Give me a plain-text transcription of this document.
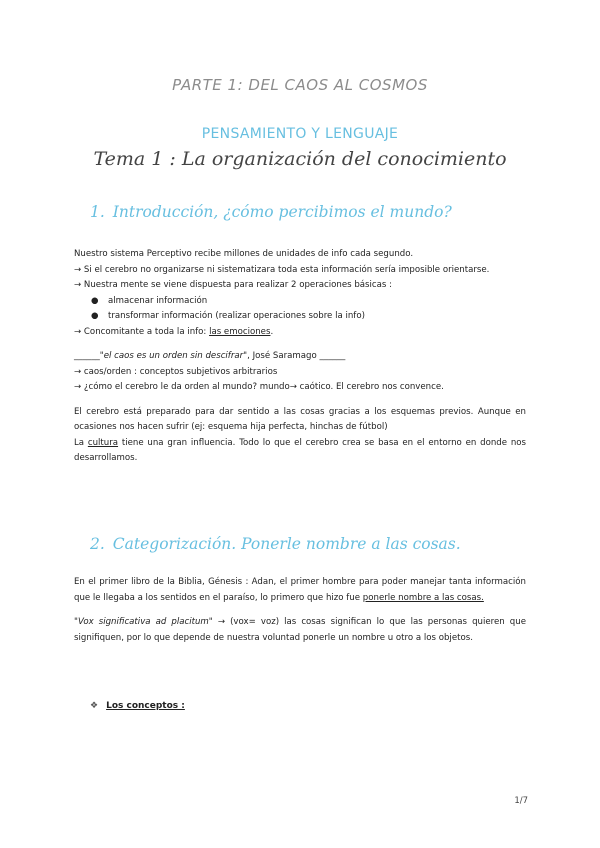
PARTE 1: DEL CAOS AL COSMOS
PENSAMIENTO Y LENGUAJE
Tema 1 : La organización del conocimiento
1. Introducción, ¿cómo percibimos el mundo?

Nuestro sistema Perceptivo recibe millones de unidades de info cada segundo.

→ Si el cerebro no organizarse ni sistematizara toda esta información sería imposible orientarse.

→ Nuestra mente se viene dispuesta para realizar 2 operaciones básicas :

● almacenar información

● transformar información (realizar operaciones sobre la info)

→ Concomitante a toda la info: las emociones.

______"el caos es un orden sin descifrar", José Saramago ______

→ caos/orden : conceptos subjetivos arbitrarios

→ ¿cómo el cerebro le da orden al mundo? mundo→ caótico. El cerebro nos convence.

El cerebro está preparado para dar sentido a las cosas gracias a los esquemas previos. Aunque en ocasiones nos hacen sufrir (ej: esquema hija perfecta, hinchas de fútbol)

La cultura tiene una gran influencia. Todo lo que el cerebro crea se basa en el entorno en donde nos desarrollamos.

2. Categorización. Ponerle nombre a las cosas.

En el primer libro de la Biblia, Génesis : Adan, el primer hombre para poder manejar tanta información que le llegaba a los sentidos en el paraíso, lo primero que hizo fue ponerle nombre a las cosas.

"Vox significativa ad placitum" → (vox= voz) las cosas significan lo que las personas quieren que signifiquen, por lo que depende de nuestra voluntad ponerle un nombre u otro a los objetos.

❖ Los conceptos :
1/7
